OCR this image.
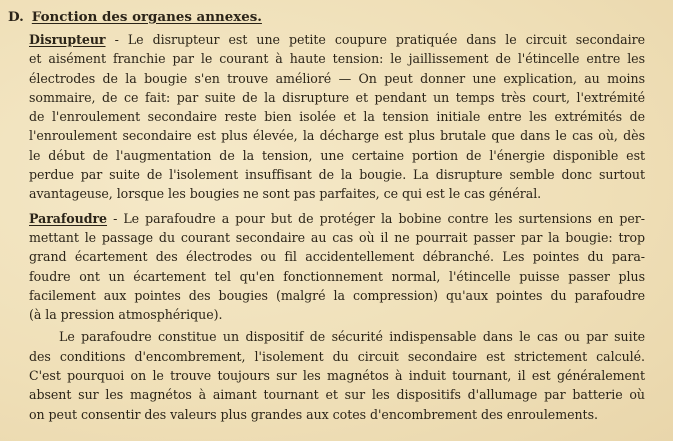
D. Fonction des organes annexes.
Disrupteur - Le disrupteur est une petite coupure pratiquée dans le circuit secondaire
et aisément franchie par le courant à haute tension: le jaillissement de l'étincelle entre les
électrodes de la bougie s'en trouve amélioré — On peut donner une explication, au moins
sommaire, de ce fait: par suite de la disrupture et pendant un temps très court, l'extrémité
de l'enroulement secondaire reste bien isolée et la tension initiale entre les extrémités de
l'enroulement secondaire est plus élevée, la décharge est plus brutale que dans le cas où, dès
le début de l'augmentation de la tension, une certaine portion de l'énergie disponible est
perdue par suite de l'isolement insuffisant de la bougie. La disrupture semble donc surtout
avantageuse, lorsque les bougies ne sont pas parfaites, ce qui est le cas général.
Parafoudre - Le parafoudre a pour but de protéger la bobine contre les surtensions en per-
mettant le passage du courant secondaire au cas où il ne pourrait passer par la bougie: trop
grand écartement des électrodes ou fil accidentellement débranché. Les pointes du para-
foudre ont un écartement tel qu'en fonctionnement normal, l'étincelle puisse passer plus
facilement aux pointes des bougies (malgré la compression) qu'aux pointes du parafoudre
(à la pression atmosphérique).
Le parafoudre constitue un dispositif de sécurité indispensable dans le cas ou par suite
des conditions d'encombrement, l'isolement du circuit secondaire est strictement calculé.
C'est pourquoi on le trouve toujours sur les magnétos à induit tournant, il est généralement
absent sur les magnétos à aimant tournant et sur les dispositifs d'allumage par batterie où
on peut consentir des valeurs plus grandes aux cotes d'encombrement des enroulements.
